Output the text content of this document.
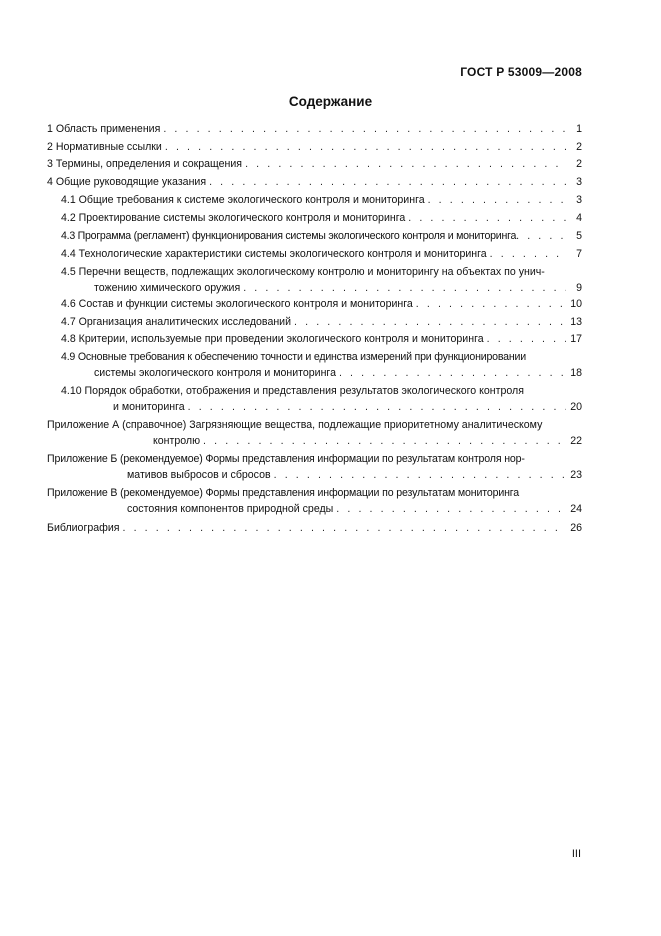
ГОСТ Р 53009—2008
Содержание
1 Область применения . . .	1
2 Нормативные ссылки . . .	2
3 Термины, определения и сокращения . . .	2
4 Общие руководящие указания . . .	3
4.1 Общие требования к системе экологического контроля и мониторинга . . .	3
4.2 Проектирование системы экологического контроля и мониторинга . . .	4
4.3 Программа (регламент) функционирования системы экологического контроля и мониторинга . . .	5
4.4 Технологические характеристики системы экологического контроля и мониторинга . . .	7
4.5 Перечни веществ, подлежащих экологическому контролю и мониторингу на объектах по унич-
тожению химического оружия . . .	9
4.6 Состав и функции системы экологического контроля и мониторинга . . .	10
4.7 Организация аналитических исследований . . .	13
4.8 Критерии, используемые при проведении экологического контроля и мониторинга . . .	17
4.9 Основные требования к обеспечению точности и единства измерений при функционировании
системы экологического контроля и мониторинга . . .	18
4.10 Порядок обработки, отображения и представления результатов экологического контроля
и мониторинга . . .	20
Приложение А (справочное) Загрязняющие вещества, подлежащие приоритетному аналитическому
контролю . . .	22
Приложение Б (рекомендуемое) Формы представления информации по результатам контроля нор-
мативов выбросов и сбросов . . .	23
Приложение В (рекомендуемое) Формы представления информации по результатам мониторинга
состояния компонентов природной среды . . .	24
Библиография . . .	26
III
